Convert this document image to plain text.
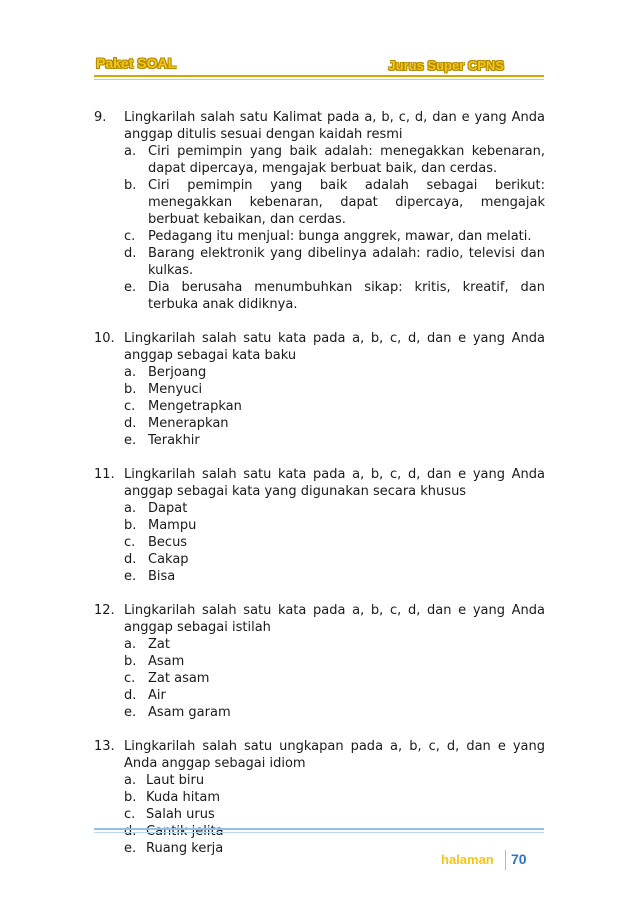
Paket SOAL	Jurus Super CPNS
9.	Lingkarilah salah satu Kalimat pada a, b, c, d, dan e yang Anda anggap ditulis sesuai dengan kaidah resmi
a. Ciri pemimpin yang baik adalah: menegakkan kebenaran, dapat dipercaya, mengajak berbuat baik, dan cerdas.
b. Ciri pemimpin yang baik adalah sebagai berikut: menegakkan kebenaran, dapat dipercaya, mengajak berbuat kebaikan, dan cerdas.
c. Pedagang itu menjual: bunga anggrek, mawar, dan melati.
d. Barang elektronik yang dibelinya adalah: radio, televisi dan kulkas.
e. Dia berusaha menumbuhkan sikap: kritis, kreatif, dan terbuka anak didiknya.
10. Lingkarilah salah satu kata pada a, b, c, d, dan e yang Anda anggap sebagai kata baku
a. Berjoang
b. Menyuci
c. Mengetrapkan
d. Menerapkan
e. Terakhir
11. Lingkarilah salah satu kata pada a, b, c, d, dan e yang Anda anggap sebagai kata yang digunakan secara khusus
a. Dapat
b. Mampu
c. Becus
d. Cakap
e. Bisa
12. Lingkarilah salah satu kata pada a, b, c, d, dan e yang Anda anggap sebagai istilah
a. Zat
b. Asam
c. Zat asam
d. Air
e. Asam garam
13. Lingkarilah salah satu ungkapan pada a, b, c, d, dan e yang Anda anggap sebagai idiom
a. Laut biru
b. Kuda hitam
c. Salah urus
e. Ruang kerja
halaman 70
